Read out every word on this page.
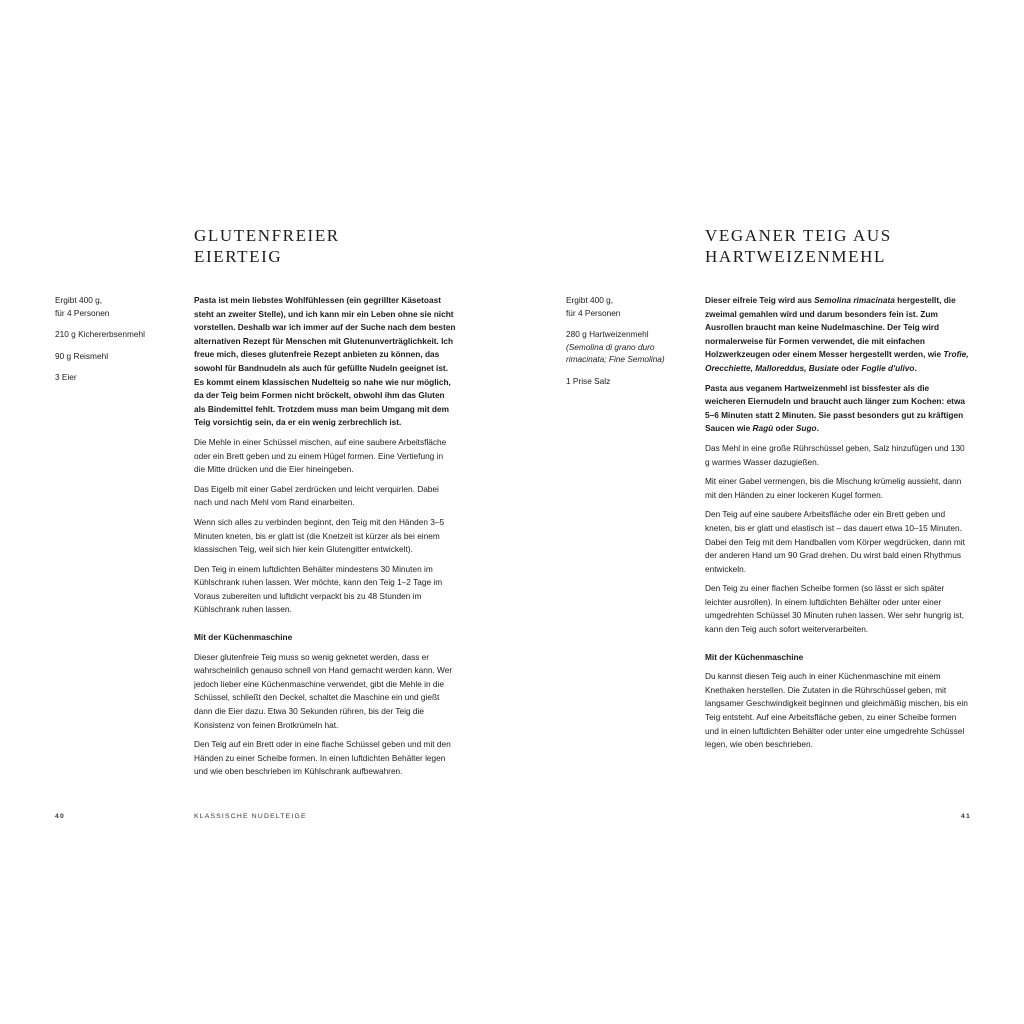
GLUTENFREIER
EIERTEIG
Ergibt 400 g,
für 4 Personen
210 g Kichererbsenmehl
90 g Reismehl
3 Eier

Pasta ist mein liebstes Wohlfühlessen (ein gegrillter Käsetoast steht an zweiter Stelle), und ich kann mir ein Leben ohne sie nicht vorstellen. Deshalb war ich immer auf der Suche nach dem besten alternativen Rezept für Menschen mit Glutenunverträglichkeit. Ich freue mich, dieses glutenfreie Rezept anbieten zu können, das sowohl für Bandnudeln als auch für gefüllte Nudeln geeignet ist. Es kommt einem klassischen Nudelteig so nahe wie nur möglich, da der Teig beim Formen nicht bröckelt, obwohl ihm das Gluten als Bindemittel fehlt. Trotzdem muss man beim Umgang mit dem Teig vorsichtig sein, da er ein wenig zerbrechlich ist.

Die Mehle in einer Schüssel mischen, auf eine saubere Arbeitsfläche oder ein Brett geben und zu einem Hügel formen. Eine Vertiefung in die Mitte drücken und die Eier hineingeben.

Das Eigelb mit einer Gabel zerdrücken und leicht verquirlen. Dabei nach und nach Mehl vom Rand einarbeiten.

Wenn sich alles zu verbinden beginnt, den Teig mit den Händen 3–5 Minuten kneten, bis er glatt ist (die Knetzeit ist kürzer als bei einem klassischen Teig, weil sich hier kein Glutengitter entwickelt).

Den Teig in einem luftdichten Behälter mindestens 30 Minuten im Kühlschrank ruhen lassen. Wer möchte, kann den Teig 1–2 Tage im Voraus zubereiten und luftdicht verpackt bis zu 48 Stunden im Kühlschrank ruhen lassen.

Mit der Küchenmaschine

Dieser glutenfreie Teig muss so wenig geknetet werden, dass er wahrscheinlich genauso schnell von Hand gemacht werden kann. Wer jedoch lieber eine Küchenmaschine verwendet, gibt die Mehle in die Schüssel, schließt den Deckel, schaltet die Maschine ein und gießt dann die Eier dazu. Etwa 30 Sekunden rühren, bis der Teig die Konsistenz von feinen Brotkrümeln hat.

Den Teig auf ein Brett oder in eine flache Schüssel geben und mit den Händen zu einer Scheibe formen. In einen luftdichten Behälter legen und wie oben beschrieben im Kühlschrank aufbewahren.

40	KLASSISCHE NUDELTEIGE
VEGANER TEIG AUS
HARTWEIZENMEHL
Ergibt 400 g,
für 4 Personen
280 g Hartweizenmehl
(Semolina di grano duro
rimacinata; Fine Semolina)
1 Prise Salz

Dieser eifreie Teig wird aus Semolina rimacinata hergestellt, die zweimal gemahlen wird und darum besonders fein ist. Zum Ausrollen braucht man keine Nudelmaschine. Der Teig wird normalerweise für Formen verwendet, die mit einfachen Holzwerkzeugen oder einem Messer hergestellt werden, wie Trofie, Orecchiette, Malloreddus, Busiate oder Foglie d'ulivo.

Pasta aus veganem Hartweizenmehl ist bissfester als die weicheren Eiernudeln und braucht auch länger zum Kochen: etwa 5–6 Minuten statt 2 Minuten. Sie passt besonders gut zu kräftigen Saucen wie Ragù oder Sugo.

Das Mehl in eine große Rührschüssel geben, Salz hinzufügen und 130 g warmes Wasser dazugießen.

Mit einer Gabel vermengen, bis die Mischung krümelig aussieht, dann mit den Händen zu einer lockeren Kugel formen.

Den Teig auf eine saubere Arbeitsfläche oder ein Brett geben und kneten, bis er glatt und elastisch ist – das dauert etwa 10–15 Minuten. Dabei den Teig mit dem Handballen vom Körper wegdrücken, dann mit der anderen Hand um 90 Grad drehen. Du wirst bald einen Rhythmus entwickeln.

Den Teig zu einer flachen Scheibe formen (so lässt er sich später leichter ausrollen). In einem luftdichten Behälter oder unter einer umgedrehten Schüssel 30 Minuten ruhen lassen. Wer sehr hungrig ist, kann den Teig auch sofort weiterverarbeiten.

Mit der Küchenmaschine

Du kannst diesen Teig auch in einer Küchenmaschine mit einem Knethaken herstellen. Die Zutaten in die Rührschüssel geben, mit langsamer Geschwindigkeit beginnen und gleichmäßig mischen, bis ein Teig entsteht. Auf eine Arbeitsfläche geben, zu einer Scheibe formen und in einen luftdichten Behälter oder unter eine umgedrehte Schüssel legen, wie oben beschrieben.

41
